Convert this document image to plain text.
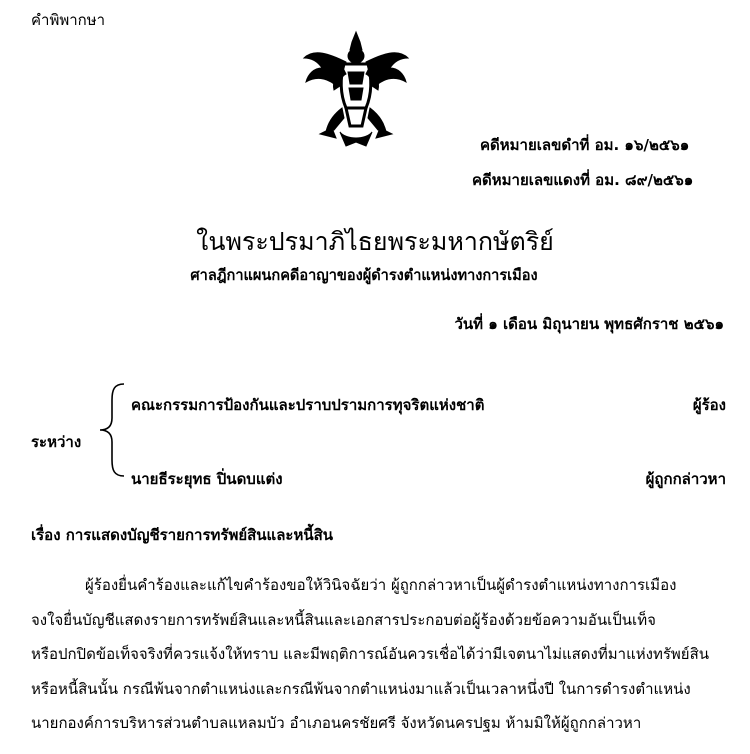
คำพิพากษา
คดีหมายเลขดำที่ อม. ๑๖/๒๕๖๑
คดีหมายเลขแดงที่ อม. ๘๙/๒๕๖๑
ในพระปรมาภิไธยพระมหากษัตริย์
ศาลฎีกาแผนกคดีอาญาของผู้ดำรงตำแหน่งทางการเมือง
วันที่ ๑ เดือน มิถุนายน พุทธศักราช ๒๕๖๑
ระหว่าง
คณะกรรมการป้องกันและปราบปรามการทุจริตแห่งชาติ	ผู้ร้อง
นายธีระยุทธ ปิ่นดบแต่ง	ผู้ถูกกล่าวหา
เรื่อง การแสดงบัญชีรายการทรัพย์สินและหนี้สิน
ผู้ร้องยื่นคำร้องและแก้ไขคำร้องขอให้วินิจฉัยว่า ผู้ถูกกล่าวหาเป็นผู้ดำรงตำแหน่งทางการเมือง
จงใจยื่นบัญชีแสดงรายการทรัพย์สินและหนี้สินและเอกสารประกอบต่อผู้ร้องด้วยข้อความอันเป็นเท็จ
หรือปกปิดข้อเท็จจริงที่ควรแจ้งให้ทราบ และมีพฤติการณ์อันควรเชื่อได้ว่ามีเจตนาไม่แสดงที่มาแห่งทรัพย์สิน
หรือหนี้สินนั้น กรณีพ้นจากตำแหน่งและกรณีพ้นจากตำแหน่งมาแล้วเป็นเวลาหนึ่งปี ในการดำรงตำแหน่ง
นายกองค์การบริหารส่วนตำบลแหลมบัว อำเภอนครชัยศรี จังหวัดนครปฐม ห้ามมิให้ผู้ถูกกล่าวหา
